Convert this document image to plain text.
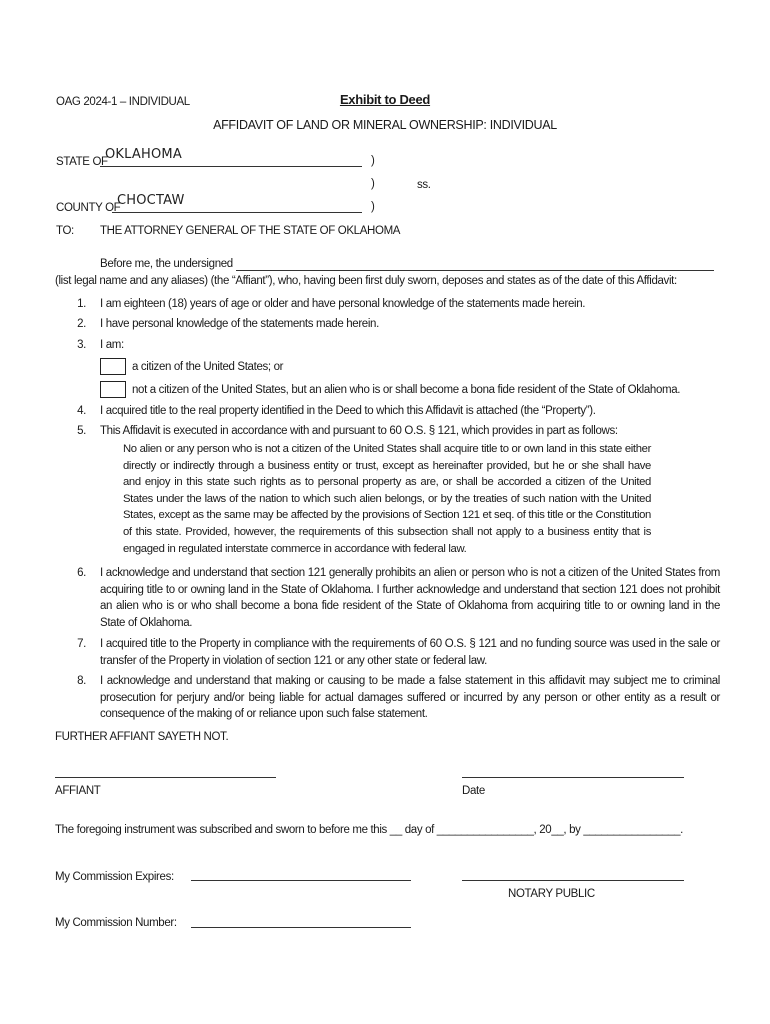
OAG 2024-1 – INDIVIDUAL	Exhibit to Deed
AFFIDAVIT OF LAND OR MINERAL OWNERSHIP: INDIVIDUAL
STATE OF
OKLAHOMA	)
)	ss.
COUNTY OF
CHOCTAW	)
TO: THE ATTORNEY GENERAL OF THE STATE OF OKLAHOMA
Before me, the undersigned
(list legal name and any aliases) (the “Affiant”), who, having been first duly sworn, deposes and states as of the date of this Affidavit:
1. I am eighteen (18) years of age or older and have personal knowledge of the statements made herein.
2. I have personal knowledge of the statements made herein.
3. I am:
a citizen of the United States; or
not a citizen of the United States, but an alien who is or shall become a bona fide resident of the State of Oklahoma.
4. I acquired title to the real property identified in the Deed to which this Affidavit is attached (the “Property”).
5. This Affidavit is executed in accordance with and pursuant to 60 O.S. § 121, which provides in part as follows:
No alien or any person who is not a citizen of the United States shall acquire title to or own land in this state either directly or indirectly through a business entity or trust, except as hereinafter provided, but he or she shall have and enjoy in this state such rights as to personal property as are, or shall be accorded a citizen of the United States under the laws of the nation to which such alien belongs, or by the treaties of such nation with the United States, except as the same may be affected by the provisions of Section 121 et seq. of this title or the Constitution of this state. Provided, however, the requirements of this subsection shall not apply to a business entity that is engaged in regulated interstate commerce in accordance with federal law.
6. I acknowledge and understand that section 121 generally prohibits an alien or person who is not a citizen of the United States from acquiring title to or owning land in the State of Oklahoma. I further acknowledge and understand that section 121 does not prohibit an alien who is or who shall become a bona fide resident of the State of Oklahoma from acquiring title to or owning land in the State of Oklahoma.
7. I acquired title to the Property in compliance with the requirements of 60 O.S. § 121 and no funding source was used in the sale or transfer of the Property in violation of section 121 or any other state or federal law.
8. I acknowledge and understand that making or causing to be made a false statement in this affidavit may subject me to criminal prosecution for perjury and/or being liable for actual damages suffered or incurred by any person or other entity as a result or consequence of the making of or reliance upon such false statement.
FURTHER AFFIANT SAYETH NOT.
AFFIANT	Date
The foregoing instrument was subscribed and sworn to before me this __ day of ________________, 20__, by ________________.
My Commission Expires:
NOTARY PUBLIC
My Commission Number:
